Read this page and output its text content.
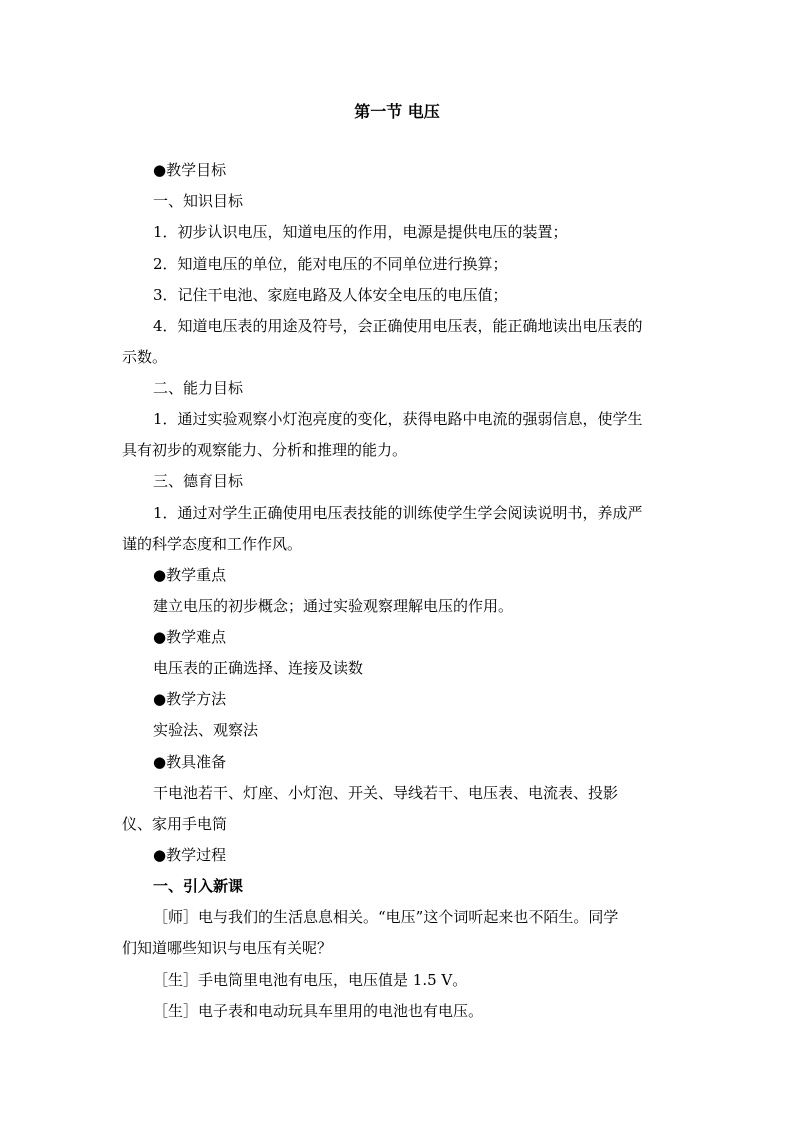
第一节 电压
●教学目标
一、知识目标
1．初步认识电压，知道电压的作用，电源是提供电压的装置；
2．知道电压的单位，能对电压的不同单位进行换算；
3．记住干电池、家庭电路及人体安全电压的电压值；
4．知道电压表的用途及符号，会正确使用电压表，能正确地读出电压表的
示数。
二、能力目标
1．通过实验观察小灯泡亮度的变化，获得电路中电流的强弱信息，使学生
具有初步的观察能力、分析和推理的能力。
三、德育目标
1．通过对学生正确使用电压表技能的训练使学生学会阅读说明书，养成严
谨的科学态度和工作作风。
●教学重点
建立电压的初步概念；通过实验观察理解电压的作用。
●教学难点
电压表的正确选择、连接及读数
●教学方法
实验法、观察法
●教具准备
干电池若干、灯座、小灯泡、开关、导线若干、电压表、电流表、投影
仪、家用手电筒
●教学过程
一、引入新课
［师］电与我们的生活息息相关。“电压”这个词听起来也不陌生。同学
们知道哪些知识与电压有关呢？
［生］手电筒里电池有电压，电压值是 1.5 V。
［生］电子表和电动玩具车里用的电池也有电压。
